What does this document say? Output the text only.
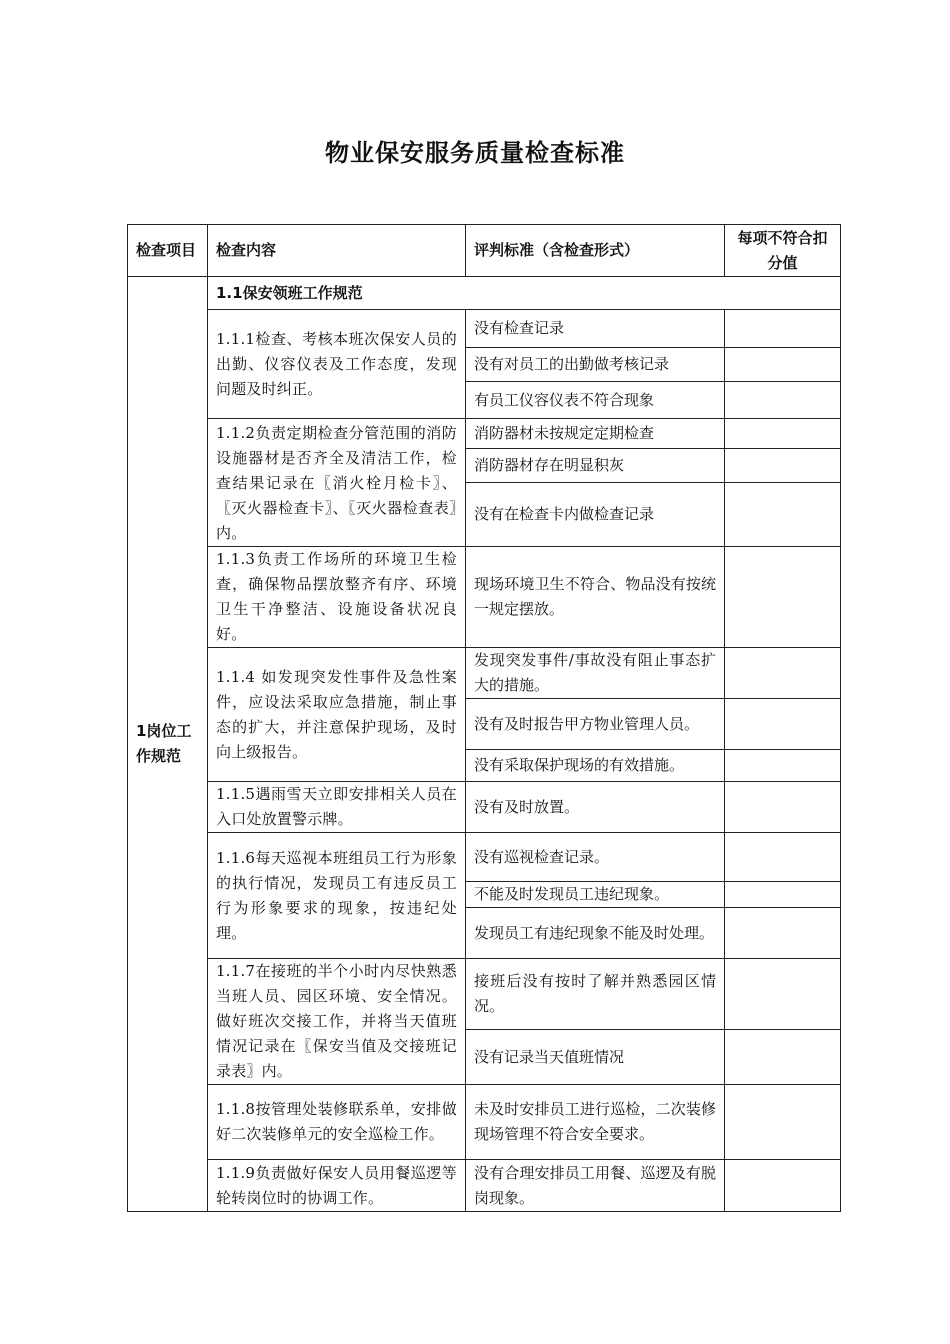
物业保安服务质量检查标准
检查项目	检查内容	评判标准（含检查形式）	每项不符合扣分值
1岗位工作规范	1.1保安领班工作规范		
	1.1.1检查、考核本班次保安人员的出勤、仪容仪表及工作态度，发现问题及时纠正。	没有检查记录	
		没有对员工的出勤做考核记录	
		有员工仪容仪表不符合现象	
	1.1.2负责定期检查分管范围的消防设施器材是否齐全及清洁工作，检查结果记录在〖消火栓月检卡〗、〖灭火器检查卡〗、〖灭火器检查表〗内。	消防器材未按规定定期检查	
		消防器材存在明显积灰	
		没有在检查卡内做检查记录	
	1.1.3负责工作场所的环境卫生检查，确保物品摆放整齐有序、环境卫生干净整洁、设施设备状况良好。	现场环境卫生不符合、物品没有按统一规定摆放。	
	1.1.4 如发现突发性事件及急性案件，应设法采取应急措施，制止事态的扩大，并注意保护现场，及时向上级报告。	发现突发事件/事故没有阻止事态扩大的措施。	
		没有及时报告甲方物业管理人员。	
		没有采取保护现场的有效措施。	
	1.1.5遇雨雪天立即安排相关人员在入口处放置警示牌。	没有及时放置。	
	1.1.6每天巡视本班组员工行为形象的执行情况，发现员工有违反员工行为形象要求的现象，按违纪处理。	没有巡视检查记录。	
		不能及时发现员工违纪现象。	
		发现员工有违纪现象不能及时处理。	
	1.1.7在接班的半个小时内尽快熟悉当班人员、园区环境、安全情况。做好班次交接工作，并将当天值班情况记录在〖保安当值及交接班记录表〗内。	接班后没有按时了解并熟悉园区情况。	
		没有记录当天值班情况	
	1.1.8按管理处装修联系单，安排做好二次装修单元的安全巡检工作。	未及时安排员工进行巡检，二次装修现场管理不符合安全要求。	
	1.1.9负责做好保安人员用餐巡逻等轮转岗位时的协调工作。	没有合理安排员工用餐、巡逻及有脱岗现象。	
